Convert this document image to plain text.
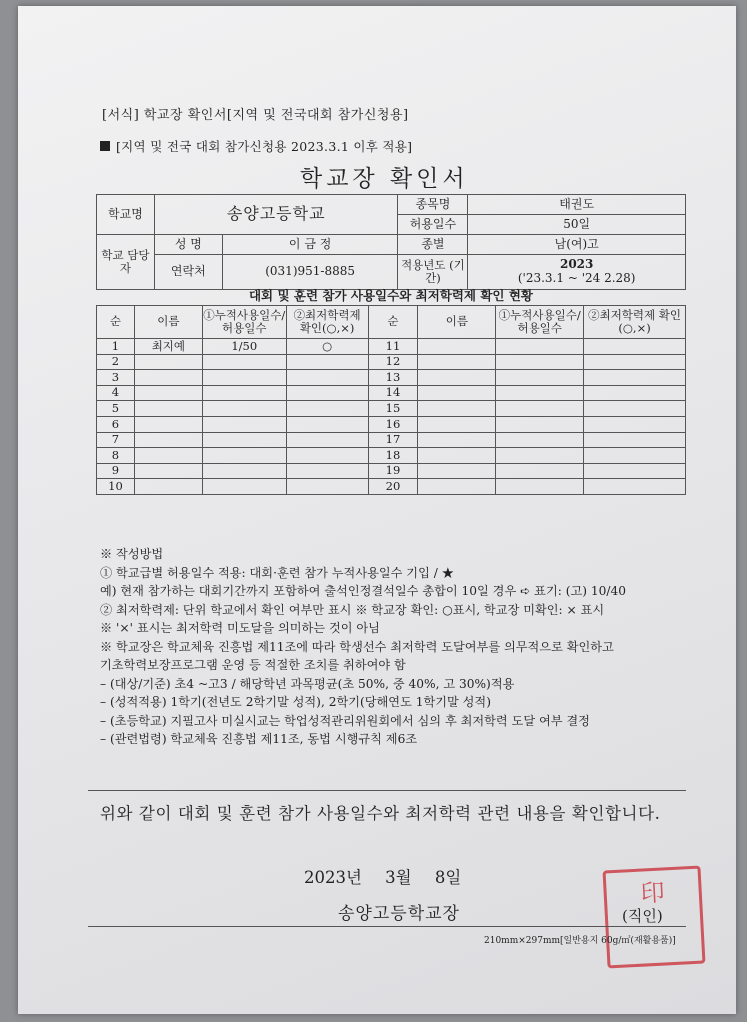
[서식] 학교장 확인서[지역 및 전국대회 참가신청용]
[지역 및 전국 대회 참가신청용 2023.3.1 이후 적용]
학교장 확인서
학교명	송양고등학교		종목명	태권도
			허용일수	50일
학교 담당자	성 명	이 금 정	종별	남(여)고
	연락처	(031)951-8885	적용년도 (기간)	2023
('23.3.1 ~ '24 2.28)
대회 및 훈련 참가 사용일수와 최저학력제 확인 현황
순	이름	①누적사용일수/ 허용일수	②최저학력제 확인(○,×)	순	이름	①누적사용일수/ 허용일수	②최저학력제 확인(○,×)
1	최지예	1/50	○	11			
2				12			
3				13			
4				14			
5				15			
6				16			
7				17			
8				18			
9				19			
10				20			
※ 작성방법
① 학교급별 허용일수 적용: 대회·훈련 참가 누적사용일수 기입 / ★
예) 현재 참가하는 대회기간까지 포함하여 출석인정결석일수 총합이 10일 경우 ➪ 표기: (고) 10/40
② 최저학력제: 단위 학교에서 확인 여부만 표시 ※ 학교장 확인: ○표시, 학교장 미확인: × 표시
※ '×' 표시는 최저학력 미도달을 의미하는 것이 아님
※ 학교장은 학교체육 진흥법 제11조에 따라 학생선수 최저학력 도달여부를 의무적으로 확인하고
기초학력보장프로그램 운영 등 적절한 조치를 취하여야 함
– (대상/기준) 초4 ~고3 / 해당학년 과목평균(초 50%, 중 40%, 고 30%)적용
– (성적적용) 1학기(전년도 2학기말 성적), 2학기(당해연도 1학기말 성적)
– (초등학교) 지필고사 미실시교는 학업성적관리위원회에서 심의 후 최저학력 도달 여부 결정
– (관련법령) 학교체육 진흥법 제11조, 동법 시행규칙 제6조
위와 같이 대회 및 훈련 참가 사용일수와 최저학력 관련 내용을 확인합니다.
2023년 3월 8일
송양고등학교장	(직인)
印
210mm×297mm[일반용지 60g/㎡(재활용품)]
